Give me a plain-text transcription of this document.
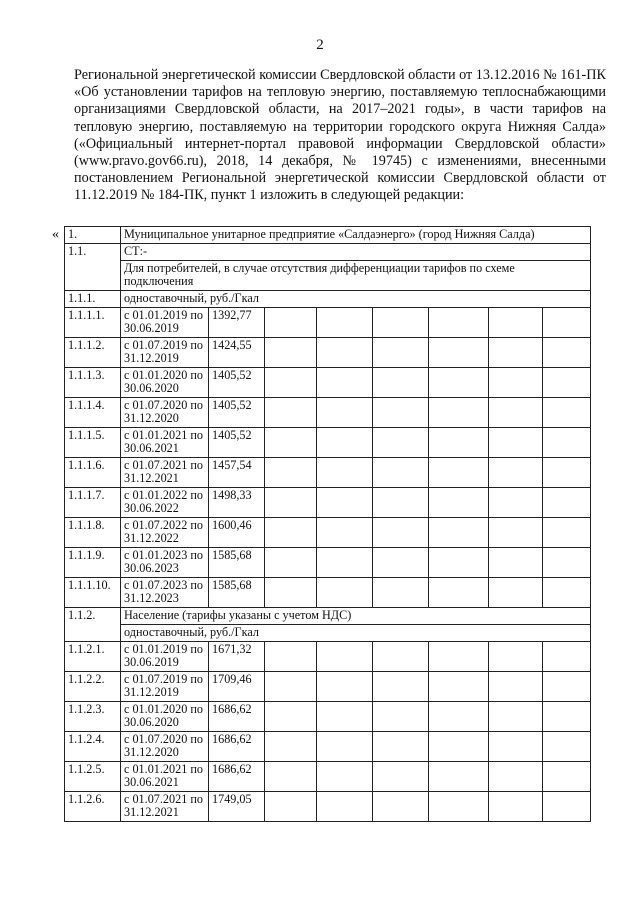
2

Региональной энергетической комиссии Свердловской области от 13.12.2016 № 161-ПК «Об установлении тарифов на тепловую энергию, поставляемую теплоснабжающими организациями Свердловской области, на 2017–2021 годы», в части тарифов на тепловую энергию, поставляемую на территории городского округа Нижняя Салда» («Официальный интернет-портал правовой информации Свердловской области» (www.pravo.gov66.ru), 2018, 14 декабря, № 19745) с изменениями, внесенными постановлением Региональной энергетической комиссии Свердловской области от 11.12.2019 № 184-ПК, пункт 1 изложить в следующей редакции:

« 1.	Муниципальное унитарное предприятие «Салдаэнерго» (город Нижняя Салда)							
1.1.	СТ:-							
	Для потребителей, в случае отсутствия дифференциации тарифов по схеме подключения							
1.1.1.	одноставочный, руб./Гкал							
1.1.1.1.	с 01.01.2019 по 30.06.2019	1392,77						
1.1.1.2.	с 01.07.2019 по 31.12.2019	1424,55						
1.1.1.3.	с 01.01.2020 по 30.06.2020	1405,52						
1.1.1.4.	с 01.07.2020 по 31.12.2020	1405,52						
1.1.1.5.	с 01.01.2021 по 30.06.2021	1405,52						
1.1.1.6.	с 01.07.2021 по 31.12.2021	1457,54						
1.1.1.7.	с 01.01.2022 по 30.06.2022	1498,33						
1.1.1.8.	с 01.07.2022 по 31.12.2022	1600,46						
1.1.1.9.	с 01.01.2023 по 30.06.2023	1585,68						
1.1.1.10.	с 01.07.2023 по 31.12.2023	1585,68						
1.1.2.	Население (тарифы указаны с учетом НДС)							
	одноставочный, руб./Гкал							
1.1.2.1.	с 01.01.2019 по 30.06.2019	1671,32						
1.1.2.2.	с 01.07.2019 по 31.12.2019	1709,46						
1.1.2.3.	с 01.01.2020 по 30.06.2020	1686,62						
1.1.2.4.	с 01.07.2020 по 31.12.2020	1686,62						
1.1.2.5.	с 01.01.2021 по 30.06.2021	1686,62						
1.1.2.6.	с 01.07.2021 по 31.12.2021	1749,05						
